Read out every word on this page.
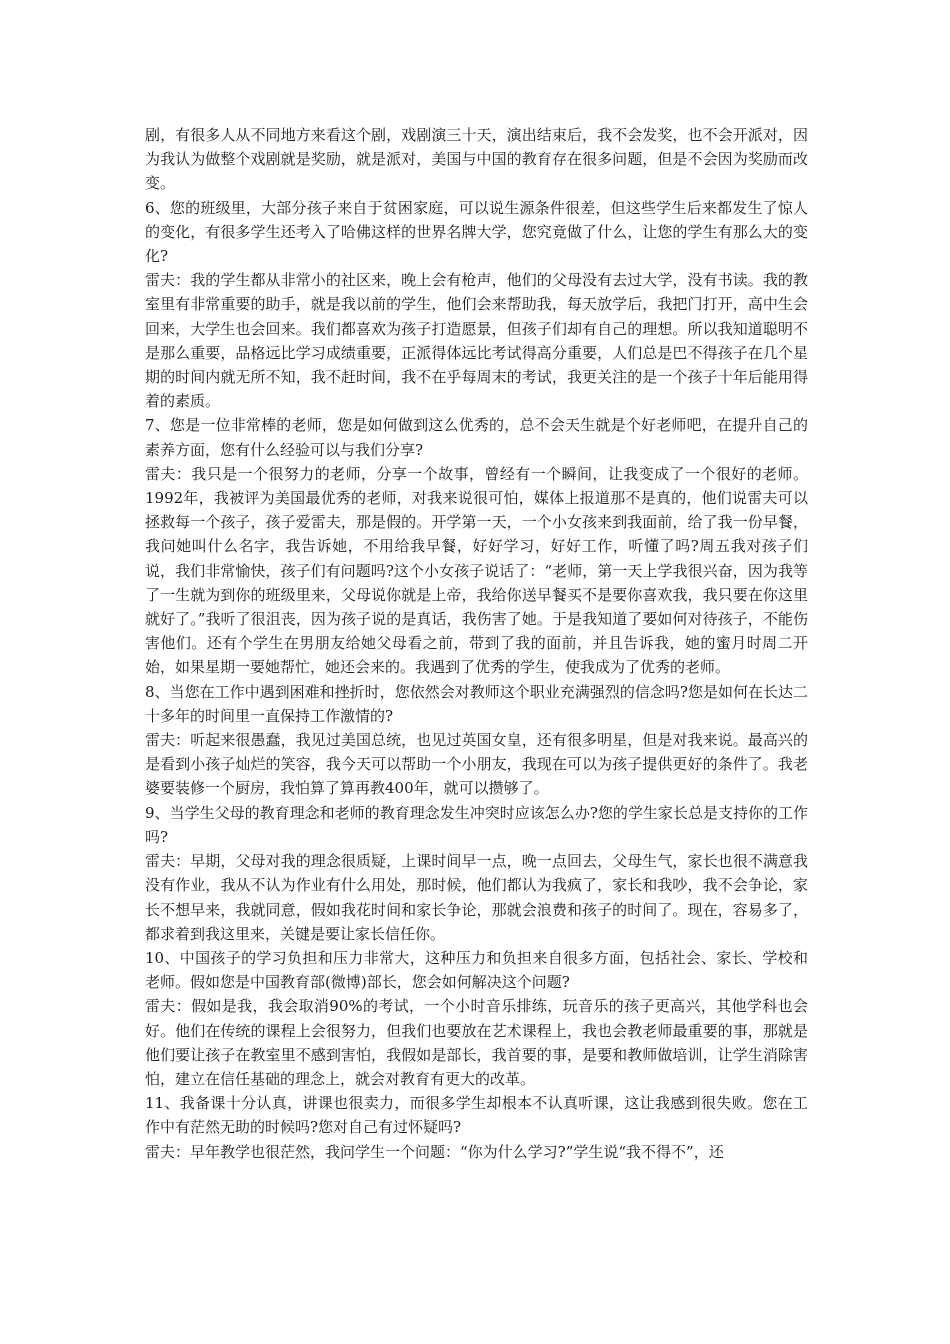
剧，有很多人从不同地方来看这个剧，戏剧演三十天，演出结束后，我不会发奖，也不会开派对，因为我认为做整个戏剧就是奖励，就是派对，美国与中国的教育存在很多问题，但是不会因为奖励而改变。

6、您的班级里，大部分孩子来自于贫困家庭，可以说生源条件很差，但这些学生后来都发生了惊人的变化，有很多学生还考入了哈佛这样的世界名牌大学，您究竟做了什么，让您的学生有那么大的变化?

雷夫：我的学生都从非常小的社区来，晚上会有枪声，他们的父母没有去过大学，没有书读。我的教室里有非常重要的助手，就是我以前的学生，他们会来帮助我，每天放学后，我把门打开，高中生会回来，大学生也会回来。我们都喜欢为孩子打造愿景，但孩子们却有自己的理想。所以我知道聪明不是那么重要，品格远比学习成绩重要，正派得体远比考试得高分重要，人们总是巴不得孩子在几个星期的时间内就无所不知，我不赶时间，我不在乎每周末的考试，我更关注的是一个孩子十年后能用得着的素质。

7、您是一位非常棒的老师，您是如何做到这么优秀的，总不会天生就是个好老师吧，在提升自己的素养方面，您有什么经验可以与我们分享?

雷夫：我只是一个很努力的老师，分享一个故事，曾经有一个瞬间，让我变成了一个很好的老师。1992年，我被评为美国最优秀的老师，对我来说很可怕，媒体上报道那不是真的，他们说雷夫可以拯救每一个孩子，孩子爱雷夫，那是假的。开学第一天，一个小女孩来到我面前，给了我一份早餐，我问她叫什么名字，我告诉她，不用给我早餐，好好学习，好好工作，听懂了吗?周五我对孩子们说，我们非常愉快，孩子们有问题吗?这个小女孩子说话了：“老师，第一天上学我很兴奋，因为我等了一生就为到你的班级里来，父母说你就是上帝，我给你送早餐买不是要你喜欢我，我只要在你这里就好了。”我听了很沮丧，因为孩子说的是真话，我伤害了她。于是我知道了要如何对待孩子，不能伤害他们。还有个学生在男朋友给她父母看之前，带到了我的面前，并且告诉我，她的蜜月时周二开始，如果星期一要她帮忙，她还会来的。我遇到了优秀的学生，使我成为了优秀的老师。

8、当您在工作中遇到困难和挫折时，您依然会对教师这个职业充满强烈的信念吗?您是如何在长达二十多年的时间里一直保持工作激情的?

雷夫：听起来很愚蠢，我见过美国总统，也见过英国女皇，还有很多明星，但是对我来说。最高兴的是看到小孩子灿烂的笑容，我今天可以帮助一个小朋友，我现在可以为孩子提供更好的条件了。我老婆要装修一个厨房，我怕算了算再教400年，就可以攒够了。

9、当学生父母的教育理念和老师的教育理念发生冲突时应该怎么办?您的学生家长总是支持你的工作吗?

雷夫：早期，父母对我的理念很质疑，上课时间早一点，晚一点回去，父母生气，家长也很不满意我没有作业，我从不认为作业有什么用处，那时候，他们都认为我疯了，家长和我吵，我不会争论，家长不想早来，我就同意，假如我花时间和家长争论，那就会浪费和孩子的时间了。现在，容易多了，都求着到我这里来，关键是要让家长信任你。

10、中国孩子的学习负担和压力非常大，这种压力和负担来自很多方面，包括社会、家长、学校和老师。假如您是中国教育部(微博)部长，您会如何解决这个问题?

雷夫：假如是我，我会取消90%的考试，一个小时音乐排练，玩音乐的孩子更高兴，其他学科也会好。他们在传统的课程上会很努力，但我们也要放在艺术课程上，我也会教老师最重要的事，那就是他们要让孩子在教室里不感到害怕，我假如是部长，我首要的事，是要和教师做培训，让学生消除害怕，建立在信任基础的理念上，就会对教育有更大的改革。

11、我备课十分认真，讲课也很卖力，而很多学生却根本不认真听课，这让我感到很失败。您在工作中有茫然无助的时候吗?您对自己有过怀疑吗?

雷夫：早年教学也很茫然，我问学生一个问题：“你为什么学习?”学生说“我不得不”，还
